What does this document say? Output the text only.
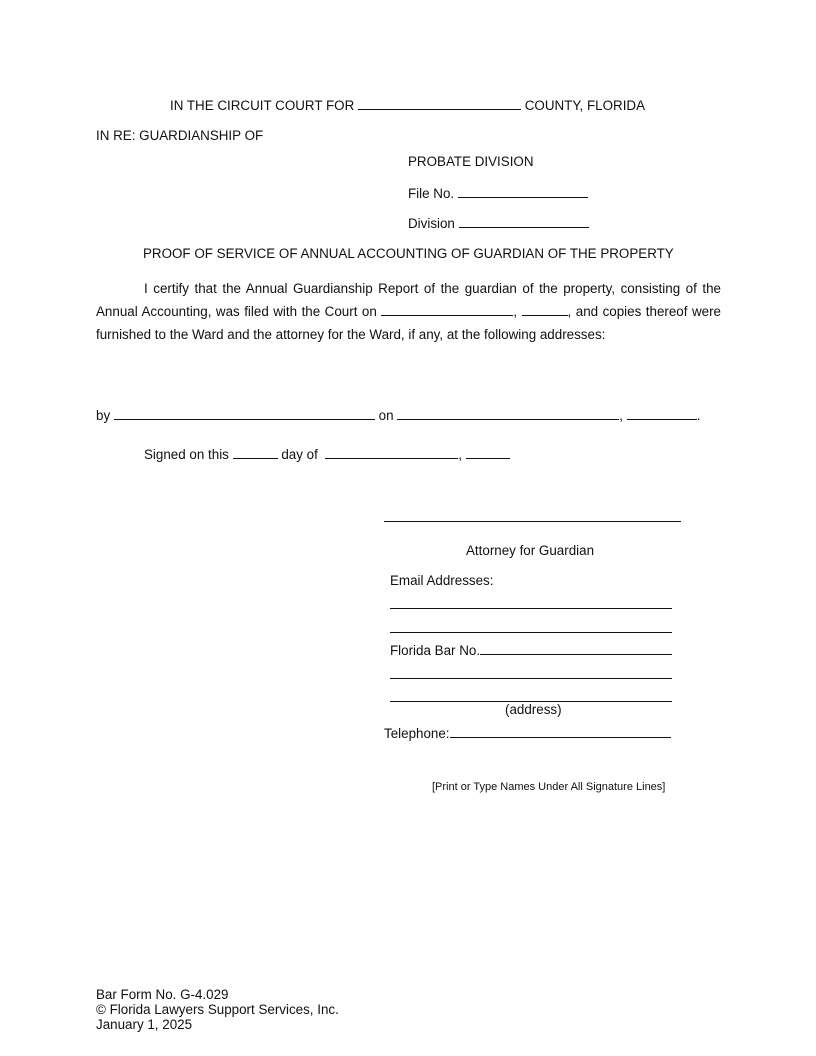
IN THE CIRCUIT COURT FOR	COUNTY, FLORIDA
IN RE: GUARDIANSHIP OF
PROBATE DIVISION
File No.
Division
PROOF OF SERVICE OF ANNUAL ACCOUNTING OF GUARDIAN OF THE PROPERTY
I certify that the Annual Guardianship Report of the guardian of the property, consisting of the Annual Accounting, was filed with the Court on	,	, and copies thereof were furnished to the Ward and the attorney for the Ward, if any, at the following addresses:
by	on	,	.
Signed on this	day of	,
Attorney for Guardian
Email Addresses:
Florida Bar No.
(address)
Telephone:
[Print or Type Names Under All Signature Lines]
Bar Form No. G-4.029
© Florida Lawyers Support Services, Inc.
January 1, 2025
